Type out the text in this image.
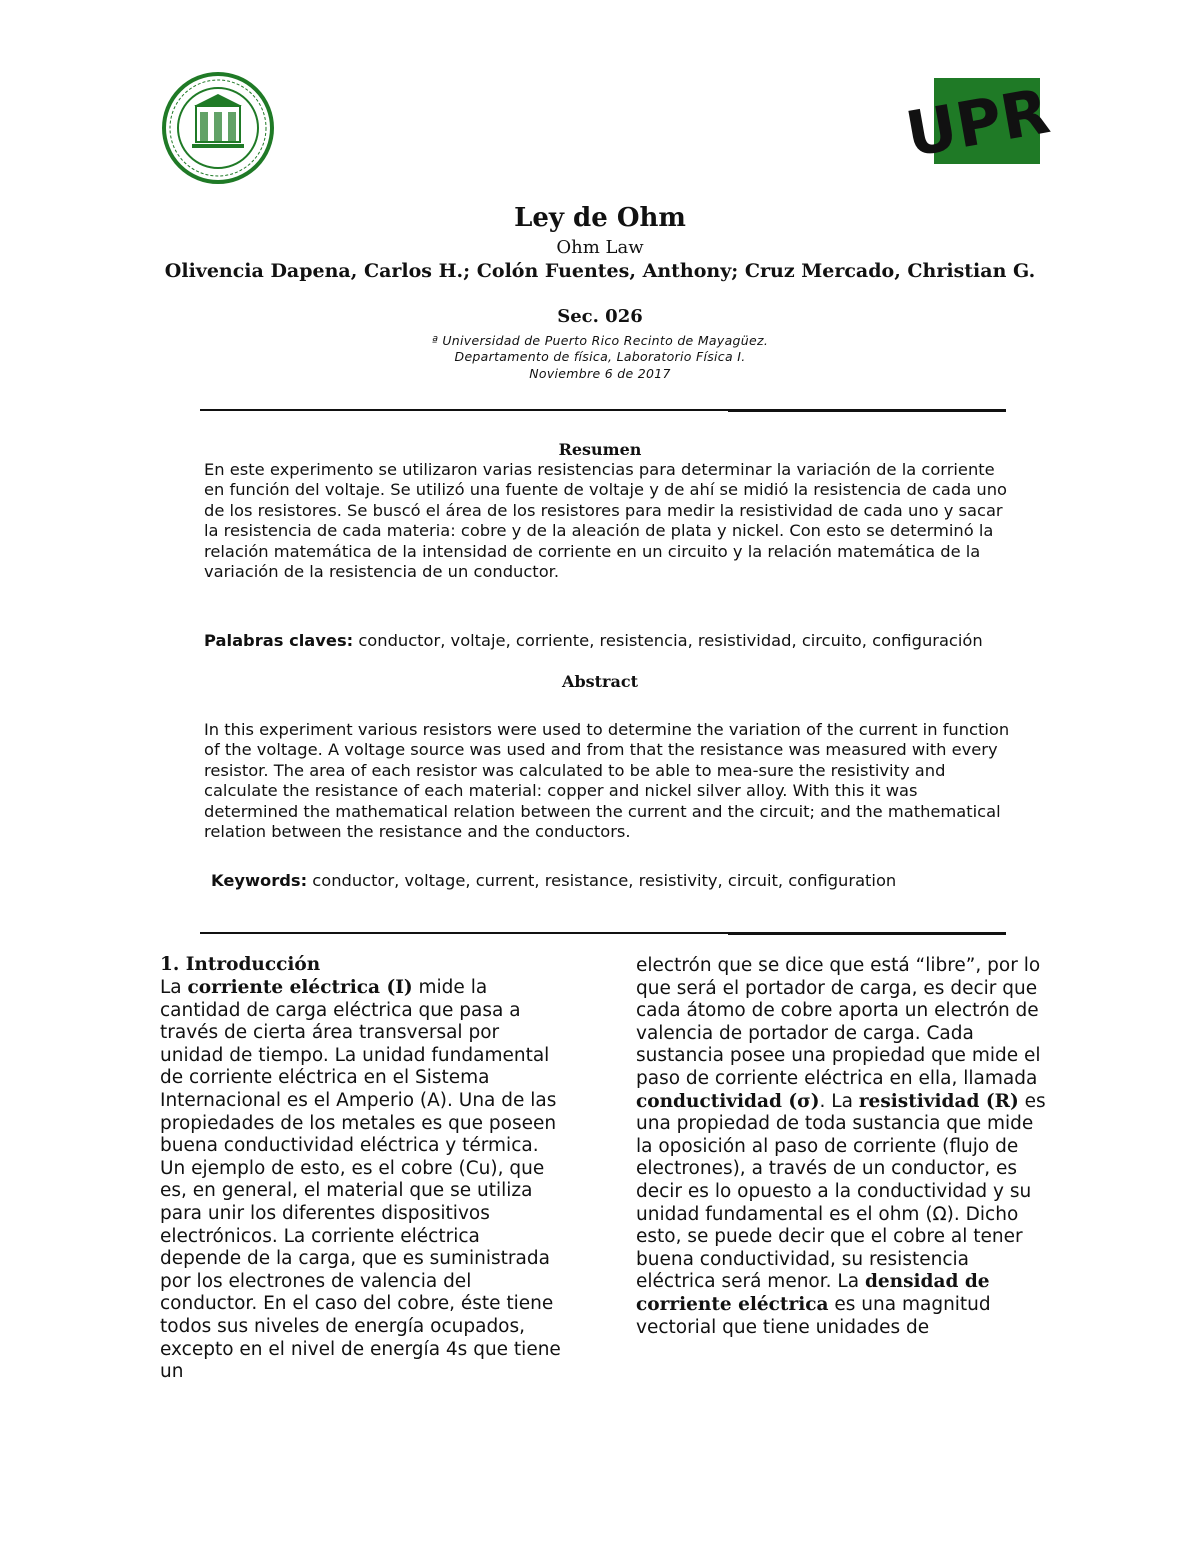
UPR
Ley de Ohm
Ohm Law
Olivencia Dapena, Carlos H.; Colón Fuentes, Anthony; Cruz Mercado, Christian G.
Sec. 026
ª Universidad de Puerto Rico Recinto de Mayagüez.
Departamento de física, Laboratorio Física I.
Noviembre 6 de 2017
Resumen

En este experimento se utilizaron varias resistencias para determinar la variación de la corriente en función del voltaje. Se utilizó una fuente de voltaje y de ahí se midió la resistencia de cada uno de los resistores. Se buscó el área de los resistores para medir la resistividad de cada uno y sacar la resistencia de cada materia: cobre y de la aleación de plata y nickel. Con esto se determinó la relación matemática de la intensidad de corriente en un circuito y la relación matemática de la variación de la resistencia de un conductor.

Palabras claves: conductor, voltaje, corriente, resistencia, resistividad, circuito, configuración

Abstract

In this experiment various resistors were used to determine the variation of the current in function of the voltage. A voltage source was used and from that the resistance was measured with every resistor. The area of each resistor was calculated to be able to mea-sure the resistivity and calculate the resistance of each material: copper and nickel silver alloy. With this it was determined the mathematical relation between the current and the circuit; and the mathematical relation between the resistance and the conductors.

Keywords: conductor, voltage, current, resistance, resistivity, circuit, configuration

1. Introducción

La corriente eléctrica (I) mide la cantidad de carga eléctrica que pasa a través de cierta área transversal por unidad de tiempo. La unidad fundamental de corriente eléctrica en el Sistema Internacional es el Amperio (A). Una de las propiedades de los metales es que poseen buena conductividad eléctrica y térmica. Un ejemplo de esto, es el cobre (Cu), que es, en general, el material que se utiliza para unir los diferentes dispositivos electrónicos. La corriente eléctrica depende de la carga, que es suministrada por los electrones de valencia del conductor. En el caso del cobre, éste tiene todos sus niveles de energía ocupados, excepto en el nivel de energía 4s que tiene un

electrón que se dice que está “libre”, por lo que será el portador de carga, es decir que cada átomo de cobre aporta un electrón de valencia de portador de carga. Cada sustancia posee una propiedad que mide el paso de corriente eléctrica en ella, llamada conductividad (σ). La resistividad (R) es una propiedad de toda sustancia que mide la oposición al paso de corriente (flujo de electrones), a través de un conductor, es decir es lo opuesto a la conductividad y su unidad fundamental es el ohm (Ω). Dicho esto, se puede decir que el cobre al tener buena conductividad, su resistencia eléctrica será menor. La densidad de corriente eléctrica es una magnitud vectorial que tiene unidades de
